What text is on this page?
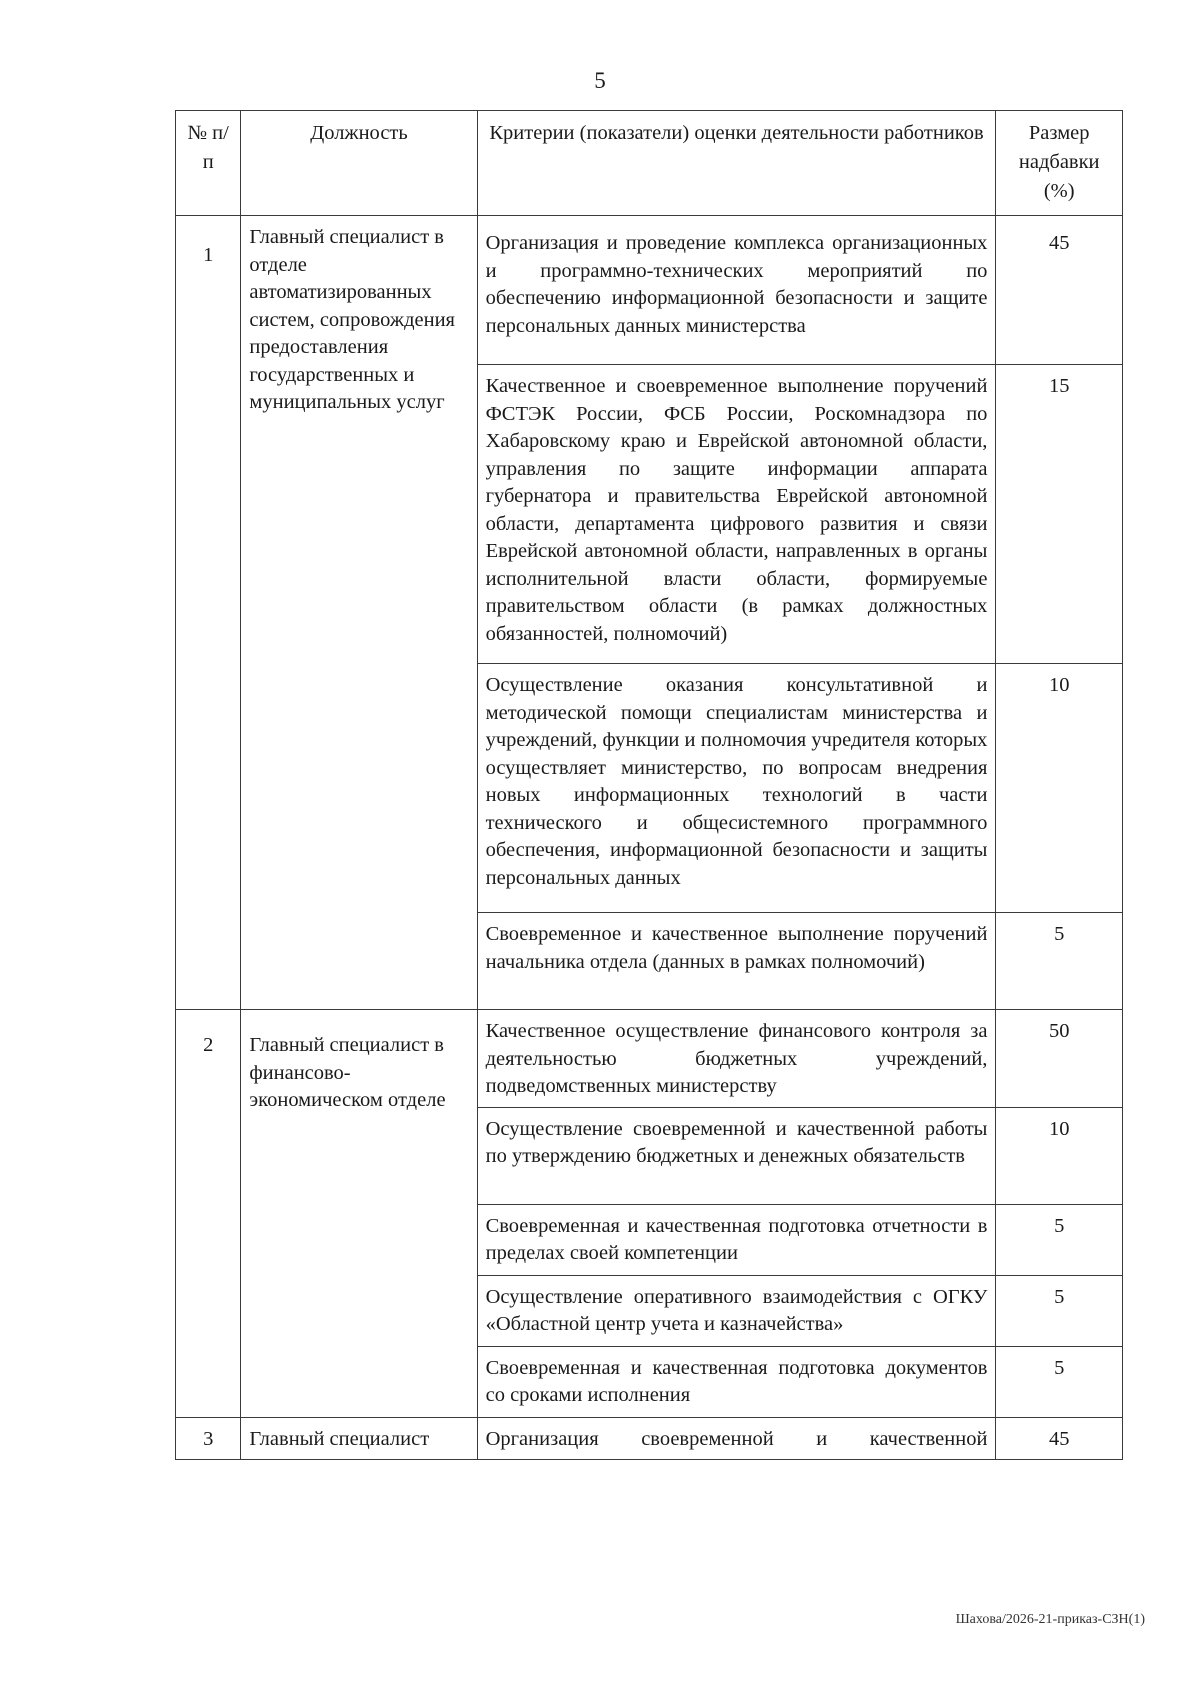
5
№ п/п	Должность	Критерии (показатели) оценки деятельности работников	Размер надбавки (%)
1	Главный специалист в отделе автоматизированных систем, сопровождения предоставления государственных и муниципальных услуг	Организация и проведение комплекса организационных и программно-технических мероприятий по обеспечению информационной безопасности и защите персональных данных министерства	45
		Качественное и своевременное выполнение поручений ФСТЭК России, ФСБ России, Роскомнадзора по Хабаровскому краю и Еврейской автономной области, управления по защите информации аппарата губернатора и правительства Еврейской автономной области, департамента цифрового развития и связи Еврейской автономной области, направленных в органы исполнительной власти области, формируемые правительством области (в рамках должностных обязанностей, полномочий)	15
		Осуществление оказания консультативной и методической помощи специалистам министерства и учреждений, функции и полномочия учредителя которых осуществляет министерство, по вопросам внедрения новых информационных технологий в части технического и общесистемного программного обеспечения, информационной безопасности и защиты персональных данных	10
		Своевременное и качественное выполнение поручений начальника отдела (данных в рамках полномочий)	5
2	Главный специалист в финансово-экономическом отделе	Качественное осуществление финансового контроля за деятельностью бюджетных учреждений, подведомственных министерству	50
		Осуществление своевременной и качественной работы по утверждению бюджетных и денежных обязательств	10
		Своевременная и качественная подготовка отчетности в пределах своей компетенции	5
		Осуществление оперативного взаимодействия с ОГКУ «Областной центр учета и казначейства»	5
		Своевременная и качественная подготовка документов со сроками исполнения	5
3	Главный специалист	Организация своевременной и качественной	45
Шахова/2026-21-приказ-СЗН(1)
